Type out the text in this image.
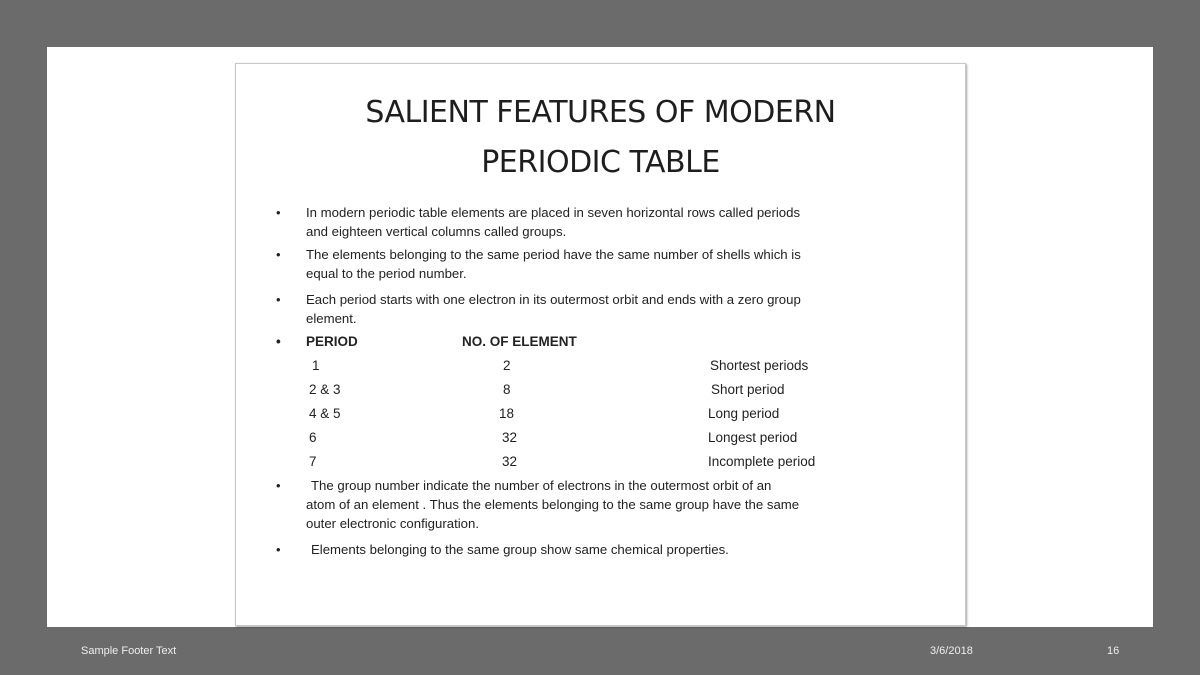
SALIENT FEATURES OF MODERN
PERIODIC TABLE
•	In modern periodic table elements are placed in seven horizontal rows called periods
and eighteen vertical columns called groups.
•	The elements belonging to the same period have the same number of shells which is
equal to the period number.
•	Each period starts with one electron in its outermost orbit and ends with a zero group
element.
• PERIOD	NO. OF ELEMENT
1	2	Shortest periods
2 & 3	8	Short period
4 & 5	18	Long period
6	32	Longest period
7	32	Incomplete period
•	The group number indicate the number of electrons in the outermost orbit of an
atom of an element . Thus the elements belonging to the same group have the same
outer electronic configuration.
•	Elements belonging to the same group show same chemical properties.
Sample Footer Text	3/6/2018	16
